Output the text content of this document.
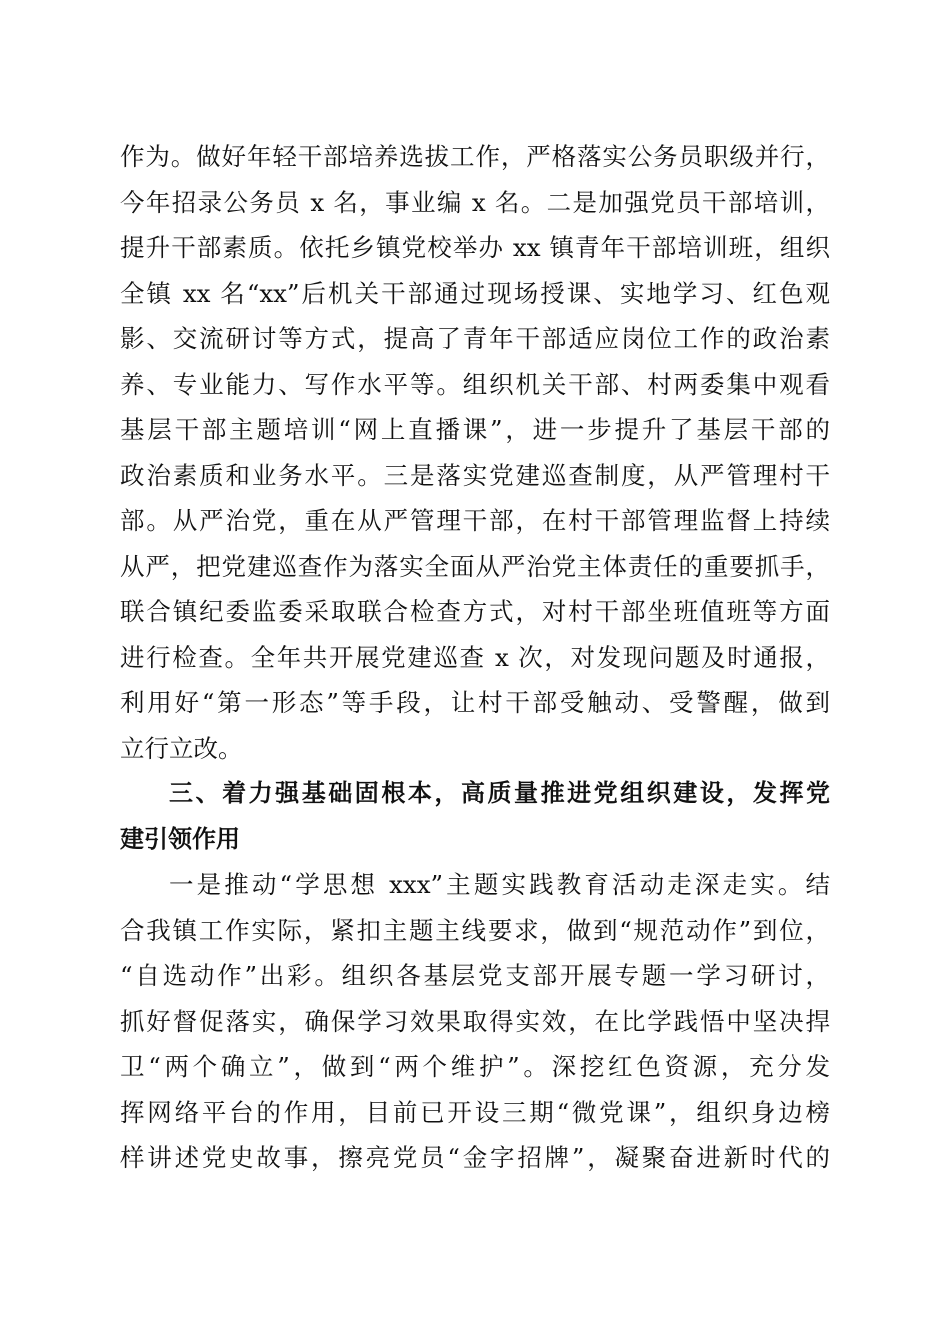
作为。做好年轻干部培养选拔工作，严格落实公务员职级并行，
今年招录公务员 x 名，事业编 x 名。二是加强党员干部培训，
提升干部素质。依托乡镇党校举办 xx 镇青年干部培训班，组织
全镇 xx 名“xx”后机关干部通过现场授课、实地学习、红色观
影、交流研讨等方式，提高了青年干部适应岗位工作的政治素
养、专业能力、写作水平等。组织机关干部、村两委集中观看
基层干部主题培训“网上直播课”，进一步提升了基层干部的
政治素质和业务水平。三是落实党建巡查制度，从严管理村干
部。从严治党，重在从严管理干部，在村干部管理监督上持续
从严，把党建巡查作为落实全面从严治党主体责任的重要抓手，
联合镇纪委监委采取联合检查方式，对村干部坐班值班等方面
进行检查。全年共开展党建巡查 x 次，对发现问题及时通报，
利用好“第一形态”等手段，让村干部受触动、受警醒，做到
立行立改。
三、着力强基础固根本，高质量推进党组织建设，发挥党
建引领作用
一是推动“学思想 xxx”主题实践教育活动走深走实。结
合我镇工作实际，紧扣主题主线要求，做到“规范动作”到位，
“自选动作”出彩。组织各基层党支部开展专题一学习研讨，
抓好督促落实，确保学习效果取得实效，在比学践悟中坚决捍
卫“两个确立”，做到“两个维护”。深挖红色资源，充分发
挥网络平台的作用，目前已开设三期“微党课”，组织身边榜
样讲述党史故事，擦亮党员“金字招牌”，凝聚奋进新时代的
